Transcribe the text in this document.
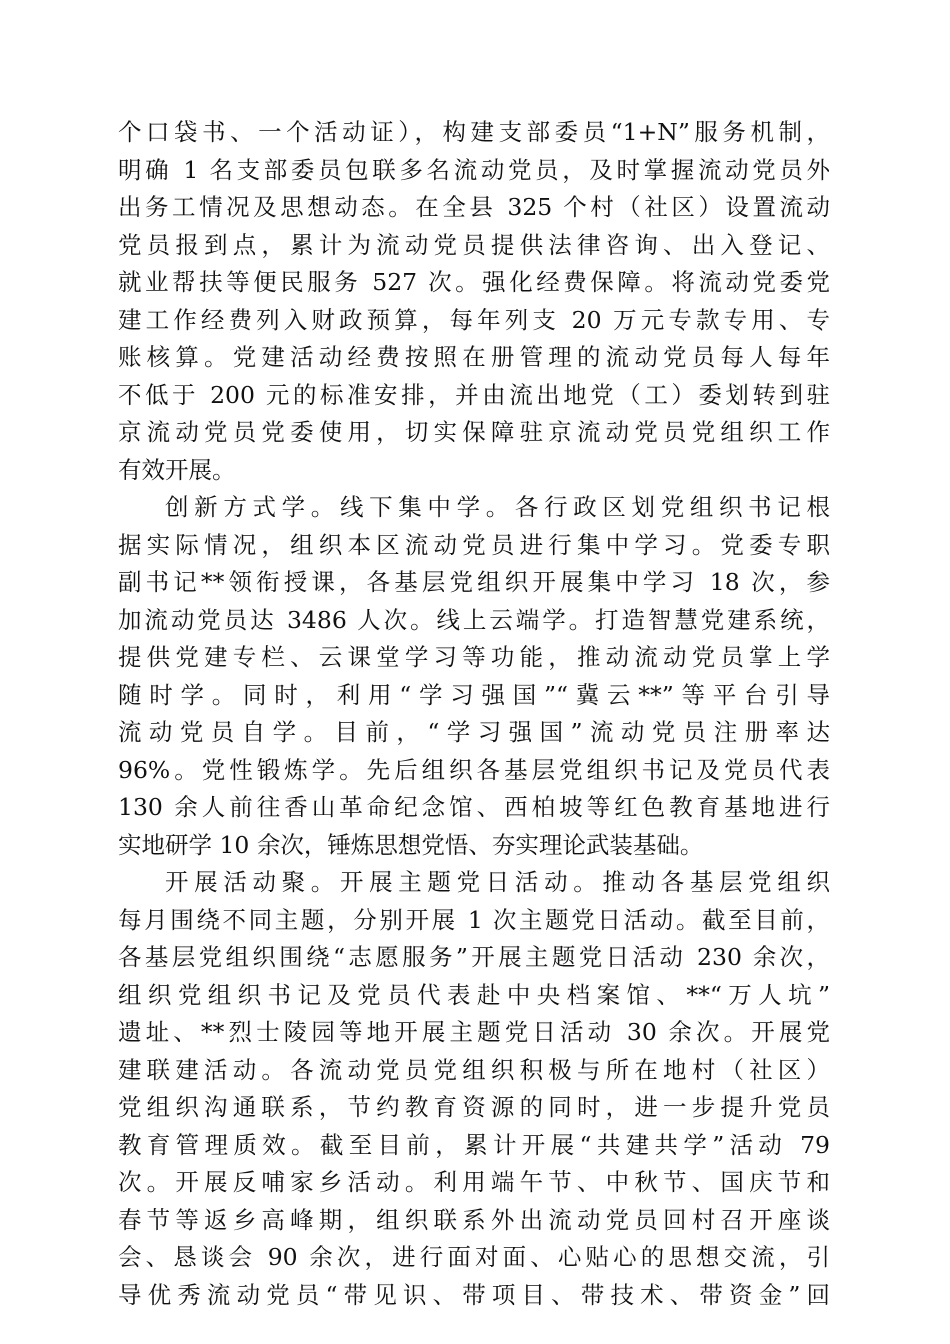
个口袋书、一个活动证），构建支部委员“1+N”服务机制，
明确 1 名支部委员包联多名流动党员，及时掌握流动党员外
出务工情况及思想动态。在全县 325 个村（社区）设置流动
党员报到点，累计为流动党员提供法律咨询、出入登记、
就业帮扶等便民服务 527 次。强化经费保障。将流动党委党
建工作经费列入财政预算，每年列支 20 万元专款专用、专
账核算。党建活动经费按照在册管理的流动党员每人每年
不低于 200 元的标准安排，并由流出地党（工）委划转到驻
京流动党员党委使用，切实保障驻京流动党员党组织工作
有效开展。
创新方式学。线下集中学。各行政区划党组织书记根
据实际情况，组织本区流动党员进行集中学习。党委专职
副书记**领衔授课，各基层党组织开展集中学习 18 次，参
加流动党员达 3486 人次。线上云端学。打造智慧党建系统，
提供党建专栏、云课堂学习等功能，推动流动党员掌上学
随时学。同时，利用“学习强国”“冀云**”等平台引导
流动党员自学。目前，“学习强国”流动党员注册率达
96%。党性锻炼学。先后组织各基层党组织书记及党员代表
130 余人前往香山革命纪念馆、西柏坡等红色教育基地进行
实地研学 10 余次，锤炼思想党悟、夯实理论武装基础。
开展活动聚。开展主题党日活动。推动各基层党组织
每月围绕不同主题，分别开展 1 次主题党日活动。截至目前，
各基层党组织围绕“志愿服务”开展主题党日活动 230 余次，
组织党组织书记及党员代表赴中央档案馆、**“万人坑”
遗址、**烈士陵园等地开展主题党日活动 30 余次。开展党
建联建活动。各流动党员党组织积极与所在地村（社区）
党组织沟通联系，节约教育资源的同时，进一步提升党员
教育管理质效。截至目前，累计开展“共建共学”活动 79
次。开展反哺家乡活动。利用端午节、中秋节、国庆节和
春节等返乡高峰期，组织联系外出流动党员回村召开座谈
会、恳谈会 90 余次，进行面对面、心贴心的思想交流，引
导优秀流动党员“带见识、带项目、带技术、带资金”回
